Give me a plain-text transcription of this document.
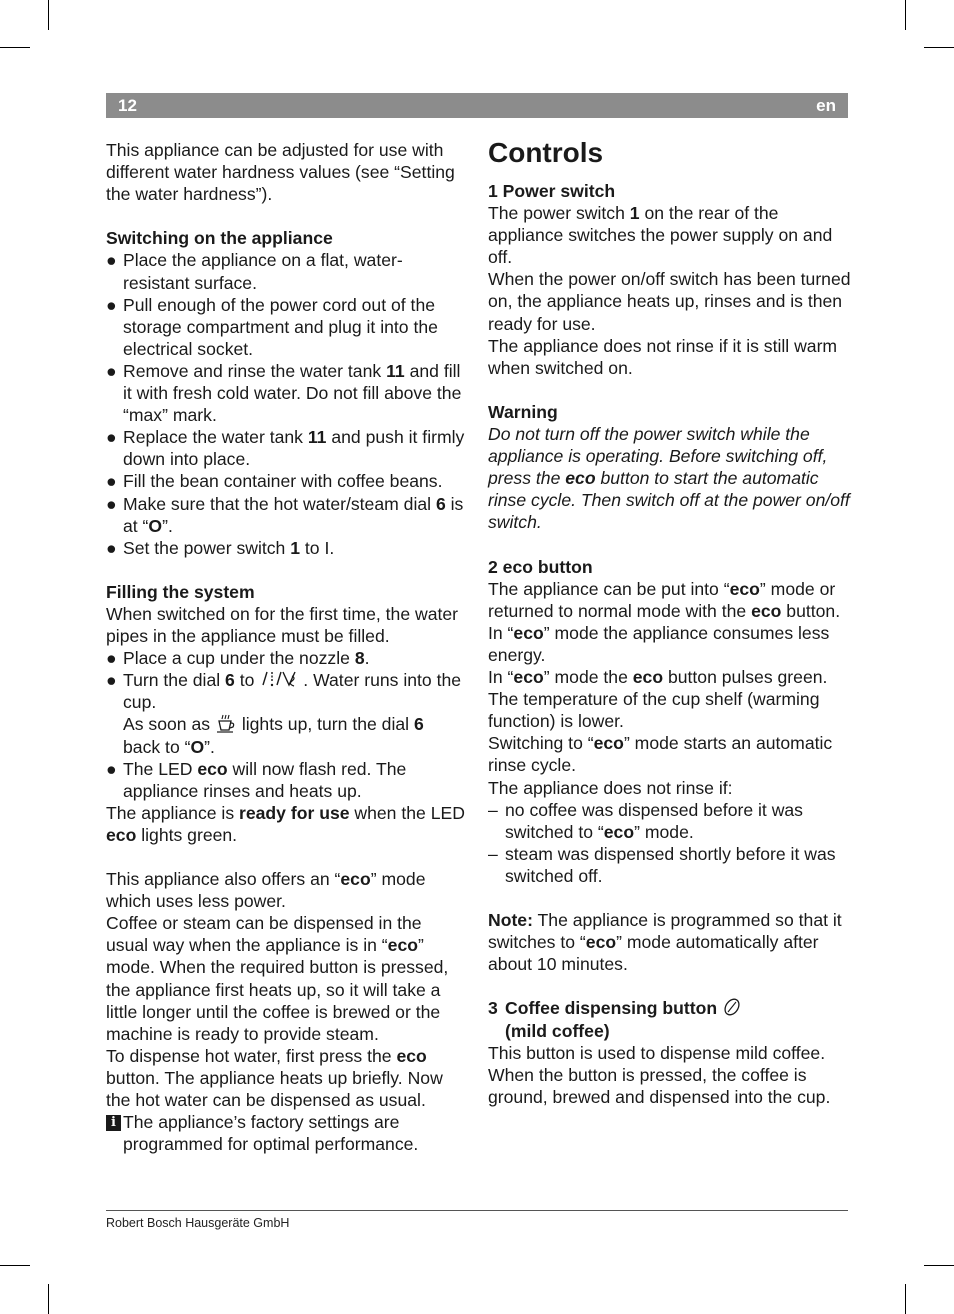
12	en

This appliance can be adjusted for use with different water hardness values (see “Setting the water hardness”).

Switching on the appliance

● Place the appliance on a flat, water-resistant surface.
● Pull enough of the power cord out of the storage compartment and plug it into the electrical socket.
● Remove and rinse the water tank 11 and fill it with fresh cold water. Do not fill above the “max” mark.
● Replace the water tank 11 and push it firmly down into place.
● Fill the bean container with coffee beans.
● Make sure that the hot water/steam dial 6 is at “O”.
● Set the power switch 1 to I.

Filling the system

When switched on for the first time, the water pipes in the appliance must be filled.

● Place a cup under the nozzle 8.
● Turn the dial 6 to	. Water runs into the cup.
As soon as  lights up, turn the dial 6
back to “O”.
● The LED eco will now flash red. The appliance rinses and heats up.

The appliance is ready for use when the LED eco lights green.

This appliance also offers an “eco” mode which uses less power.

Coffee or steam can be dispensed in the usual way when the appliance is in “eco” mode. When the required button is pressed, the appliance first heats up, so it will take a little longer until the coffee is brewed or the machine is ready to provide steam.

To dispense hot water, first press the eco button. The appliance heats up briefly. Now the hot water can be dispensed as usual.

i The appliance’s factory settings are programmed for optimal performance.

Controls

1 Power switch

The power switch 1 on the rear of the appliance switches the power supply on and off.

When the power on/off switch has been turned on, the appliance heats up, rinses and is then ready for use.

The appliance does not rinse if it is still warm when switched on.

Warning

Do not turn off the power switch while the appliance is operating. Before switching off, press the eco button to start the automatic rinse cycle. Then switch off at the power on/off switch.

2 eco button

The appliance can be put into “eco” mode or returned to normal mode with the eco button.

In “eco” mode the appliance consumes less energy.

In “eco” mode the eco button pulses green.

The temperature of the cup shelf (warming function) is lower.

Switching to “eco” mode starts an automatic rinse cycle.

The appliance does not rinse if:

– no coffee was dispensed before it was switched to “eco” mode.
– steam was dispensed shortly before it was switched off.

Note: The appliance is programmed so that it switches to “eco” mode automatically after about 10 minutes.

3 Coffee dispensing button
(mild coffee)

This button is used to dispense mild coffee. When the button is pressed, the coffee is ground, brewed and dispensed into the cup.

Robert Bosch Hausgeräte GmbH
